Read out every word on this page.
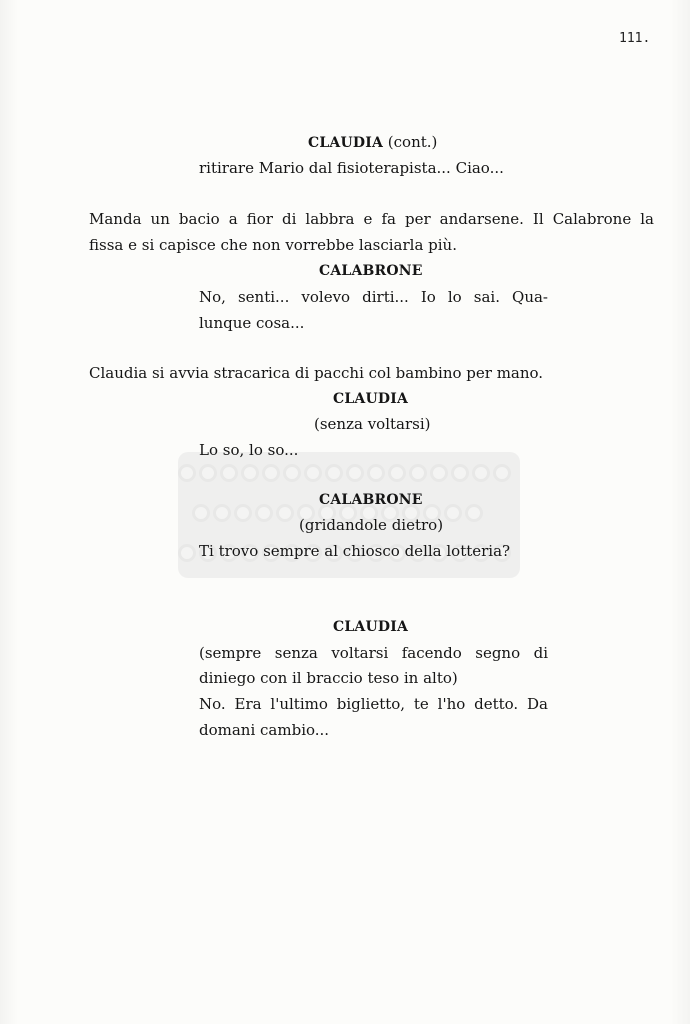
111.
CLAUDIA (cont.)
ritirare Mario dal fisioterapista... Ciao...
Manda un bacio a fior di labbra e fa per andarsene. Il Calabrone la
fissa e si capisce che non vorrebbe lasciarla più.
CALABRONE
No, senti... volevo dirti... Io lo sai. Qua-
lunque cosa...
Claudia si avvia stracarica di pacchi col bambino per mano.
CLAUDIA
(senza voltarsi)
Lo so, lo so...
CALABRONE
(gridandole dietro)
Ti trovo sempre al chiosco della lotteria?
CLAUDIA
(sempre senza voltarsi facendo segno di
diniego con il braccio teso in alto)
No. Era l'ultimo biglietto, te l'ho detto. Da
domani cambio...
